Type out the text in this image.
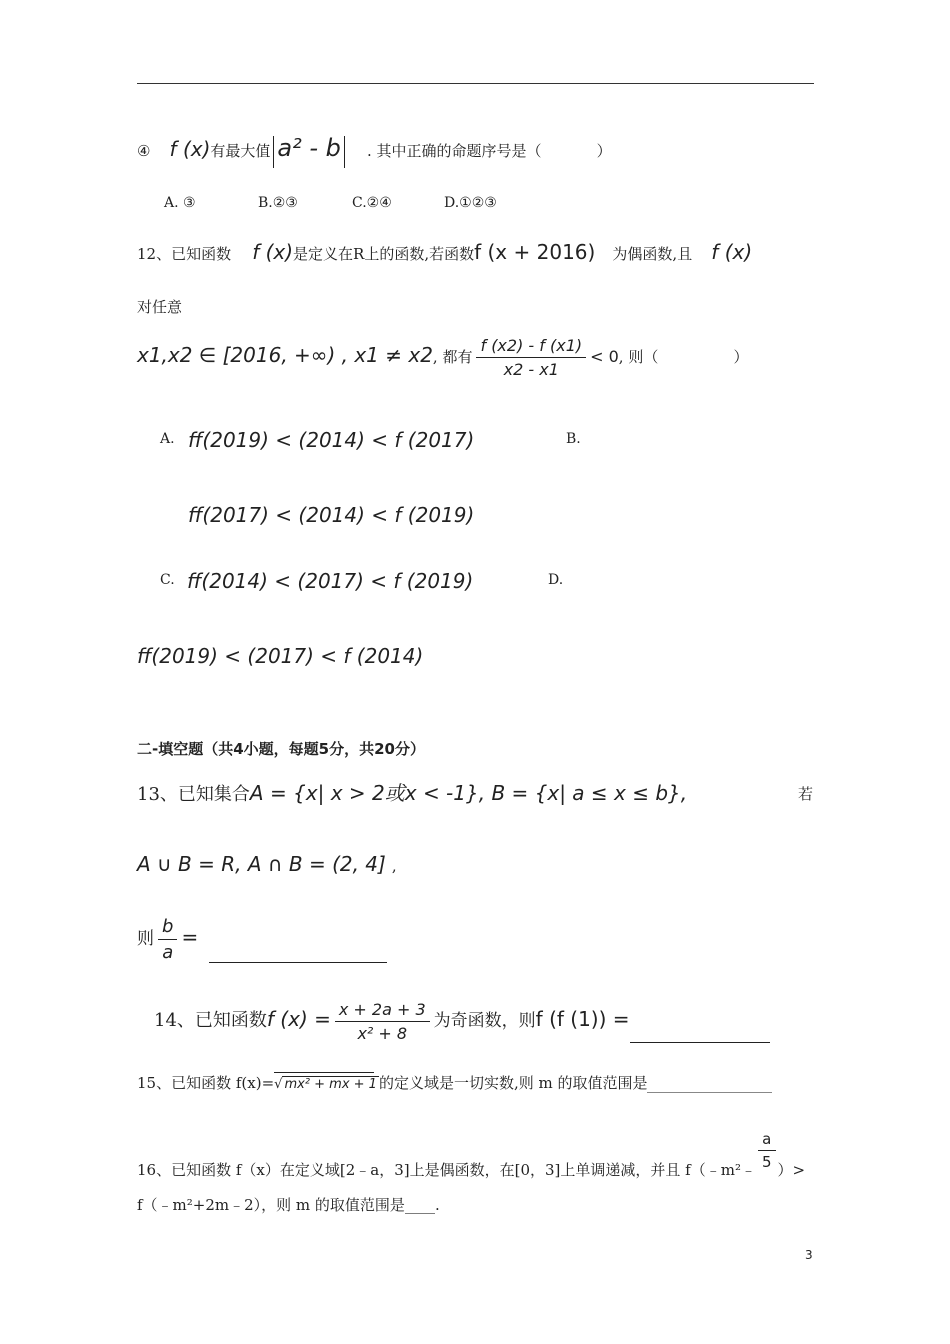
④ f (x)有最大值 a² - b . 其中正确的命题序号是（	）
A. ③	B.②③	C.②④	D.①②③
12、已知函数 f (x)是定义在R上的函数,若函数f (x + 2016) 为偶函数,且 f (x)
对任意
x1,x2 ∈ [2016, +∞) , x1 ≠ x2, 都有 $\frac{f (x2) - f (x1)}{x2 - x1} < 0$, 则（	）
A. ff(2019) < (2014) < f (2017)	B.
ff(2017) < (2014) < f (2019)
C. ff(2014) < (2017) < f (2019)	D.
ff(2019) < (2017) < f (2014)
二-填空题（共4小题，每题5分，共20分）
13、已知集合A = {x| x > 2或x < -1}, B = {x| a ≤ x ≤ b},	若
A ∪ B = R, A ∩ B = (2, 4] ,
则 $\frac{b}{a}$ =
14、已知函数f $(x) = \frac{x + 2a + 3}{\text{x² + 8}}$ 为奇函数，则f (f (1)) =
15、已知函数 f(x)=
√ mx² + mx + 1 的定义域是一切实数,则 m 的取值范围是
16、已知函数 f（x）在定义域[2﹣a，3]上是偶函数，在[0，3]上单调递减，并且 f（﹣m²﹣ $\frac{a}{5}$ ）>
f（﹣m²+2m﹣2），则 m 的取值范围是____.
3
